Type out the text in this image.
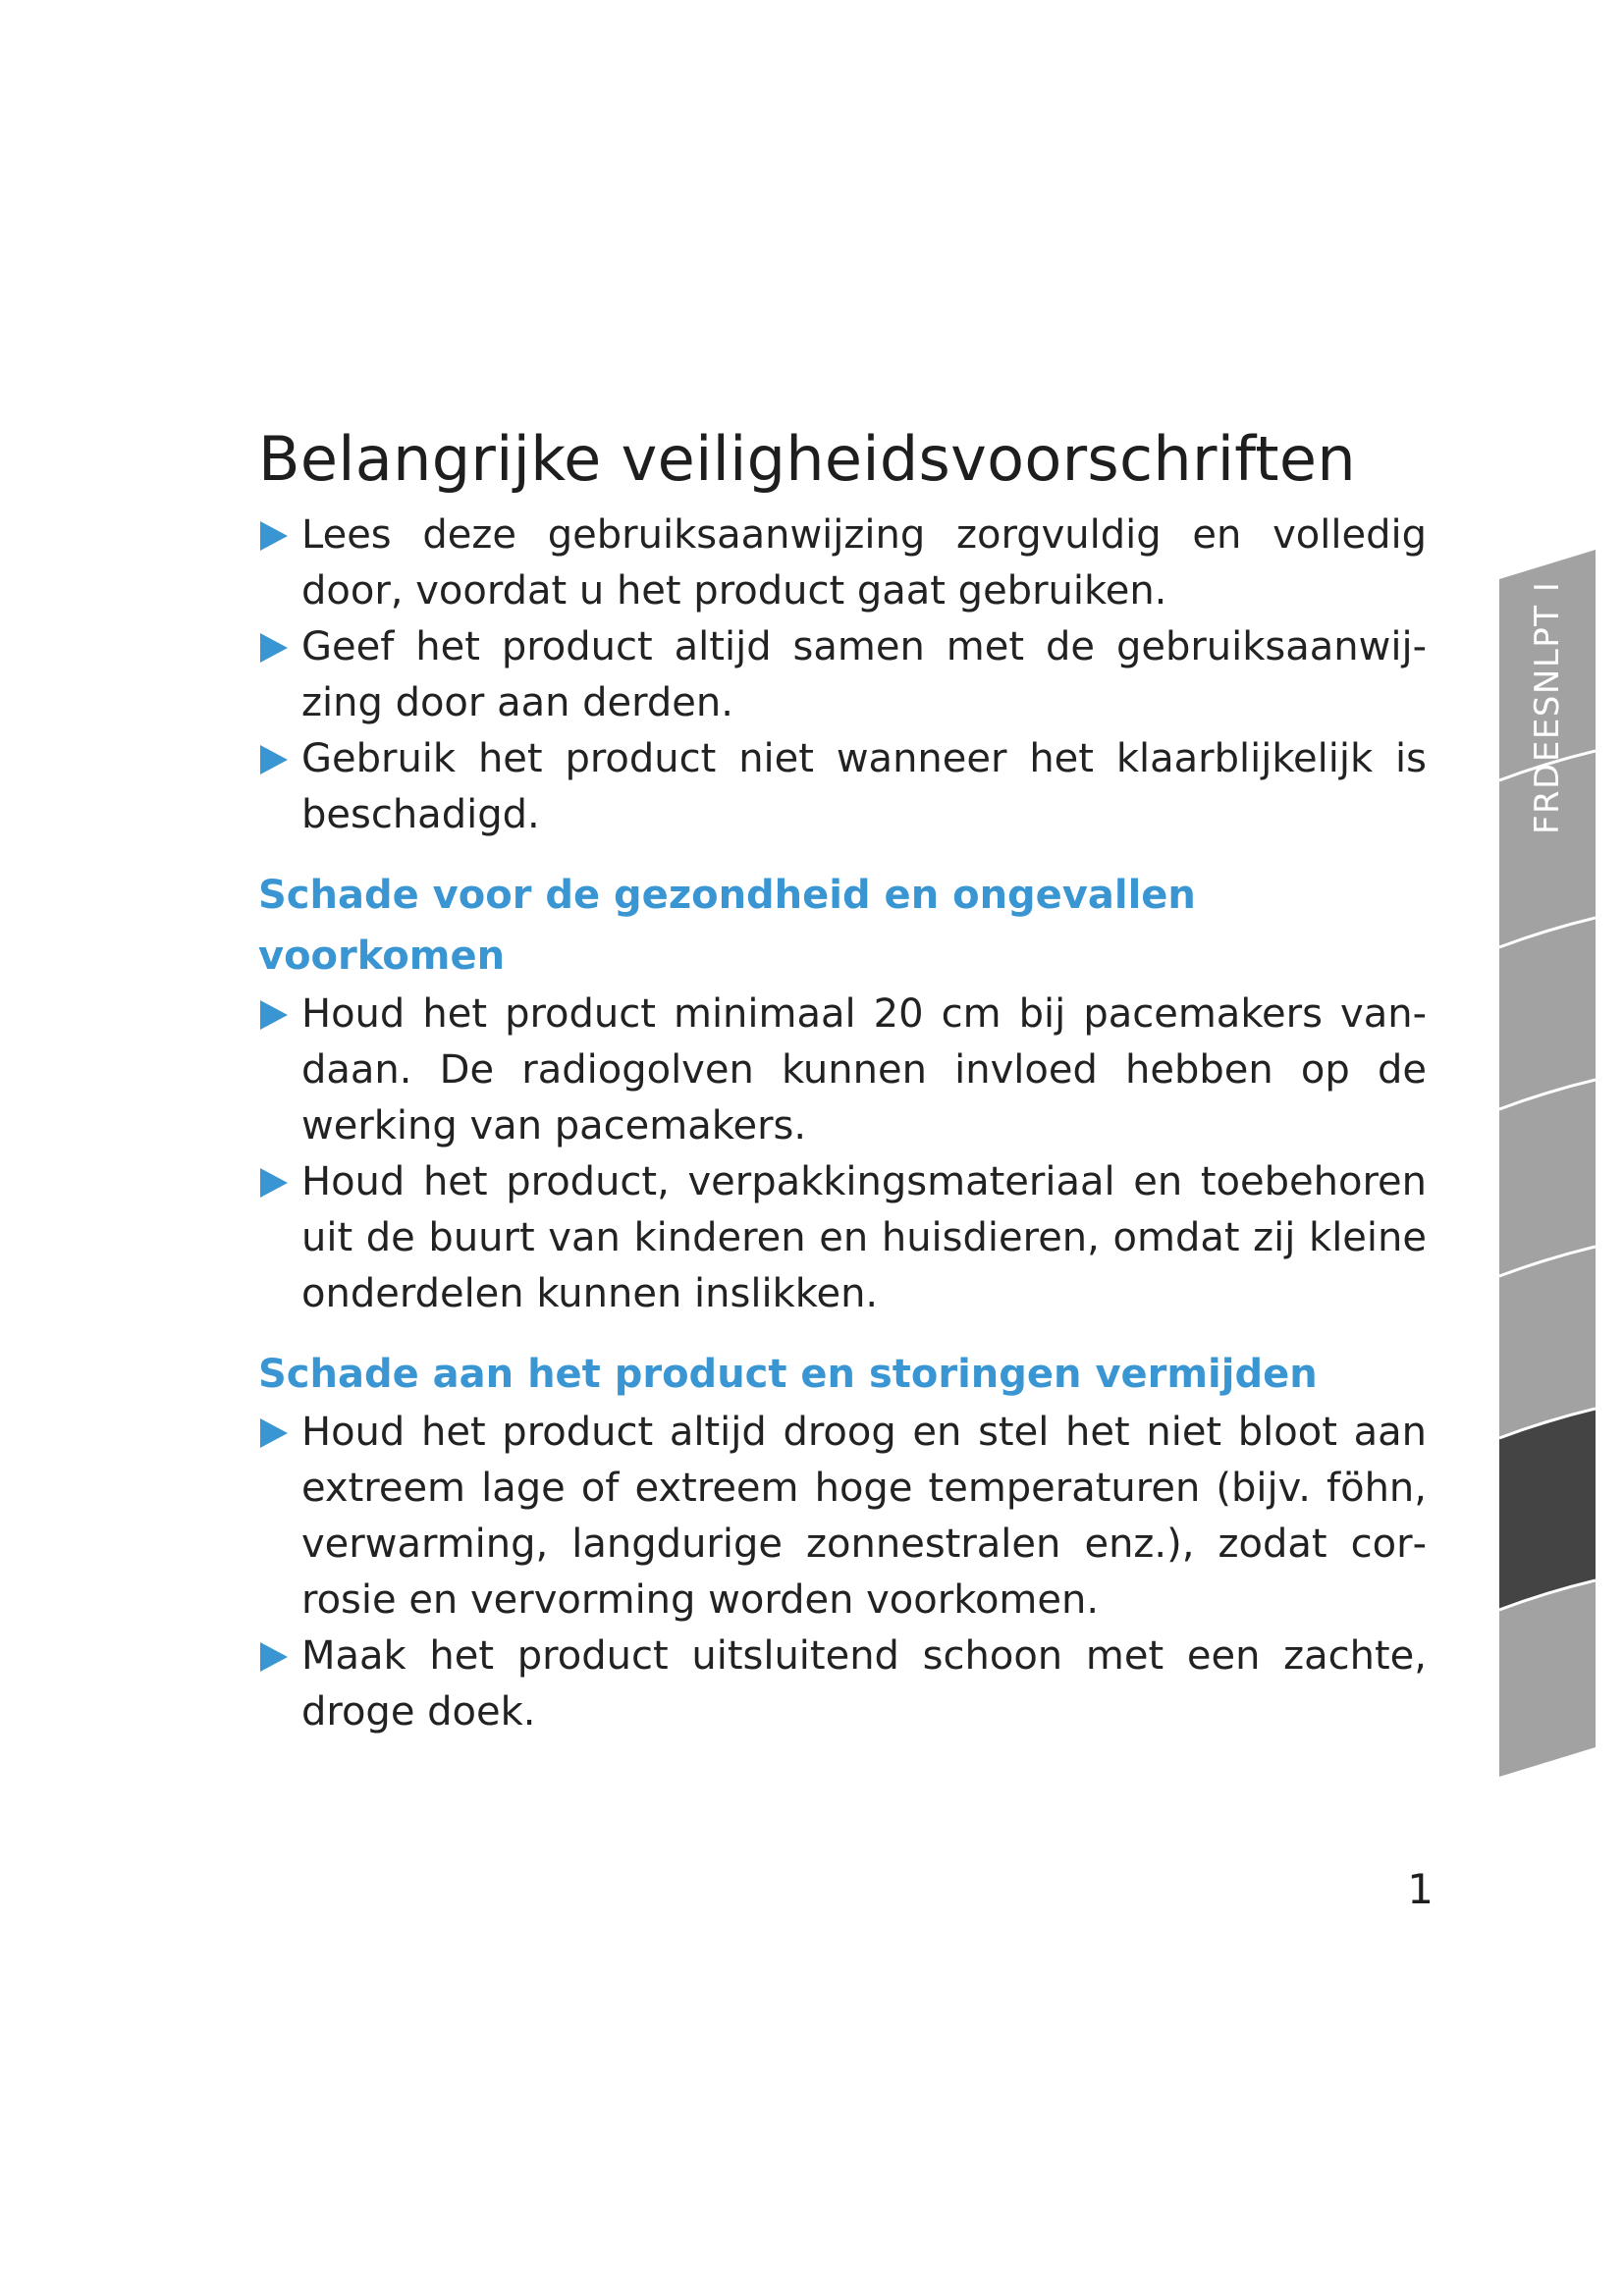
Belangrijke veiligheidsvoorschriften
Lees deze gebruiksaanwijzing zorgvuldig en volledig door, voordat u het product gaat gebruiken.
Geef het product altijd samen met de gebruiksaanwijzing door aan derden.
Gebruik het product niet wanneer het klaarblijkelijk is beschadigd.
Schade voor de gezondheid en ongevallen voorkomen
Houd het product minimaal 20 cm bij pacemakers vandaan. De radiogolven kunnen invloed hebben op de werking van pacemakers.
Houd het product, verpakkingsmateriaal en toebehoren uit de buurt van kinderen en huisdieren, omdat zij kleine onderdelen kunnen inslikken.
Schade aan het product en storingen vermijden
Houd het product altijd droog en stel het niet bloot aan extreem lage of extreem hoge temperaturen (bijv. föhn, verwarming, langdurige zonnestralen enz.), zodat corrosie en vervorming worden voorkomen.
Maak het product uitsluitend schoon met een zachte, droge doek.
FRDEESNLPT I
1
